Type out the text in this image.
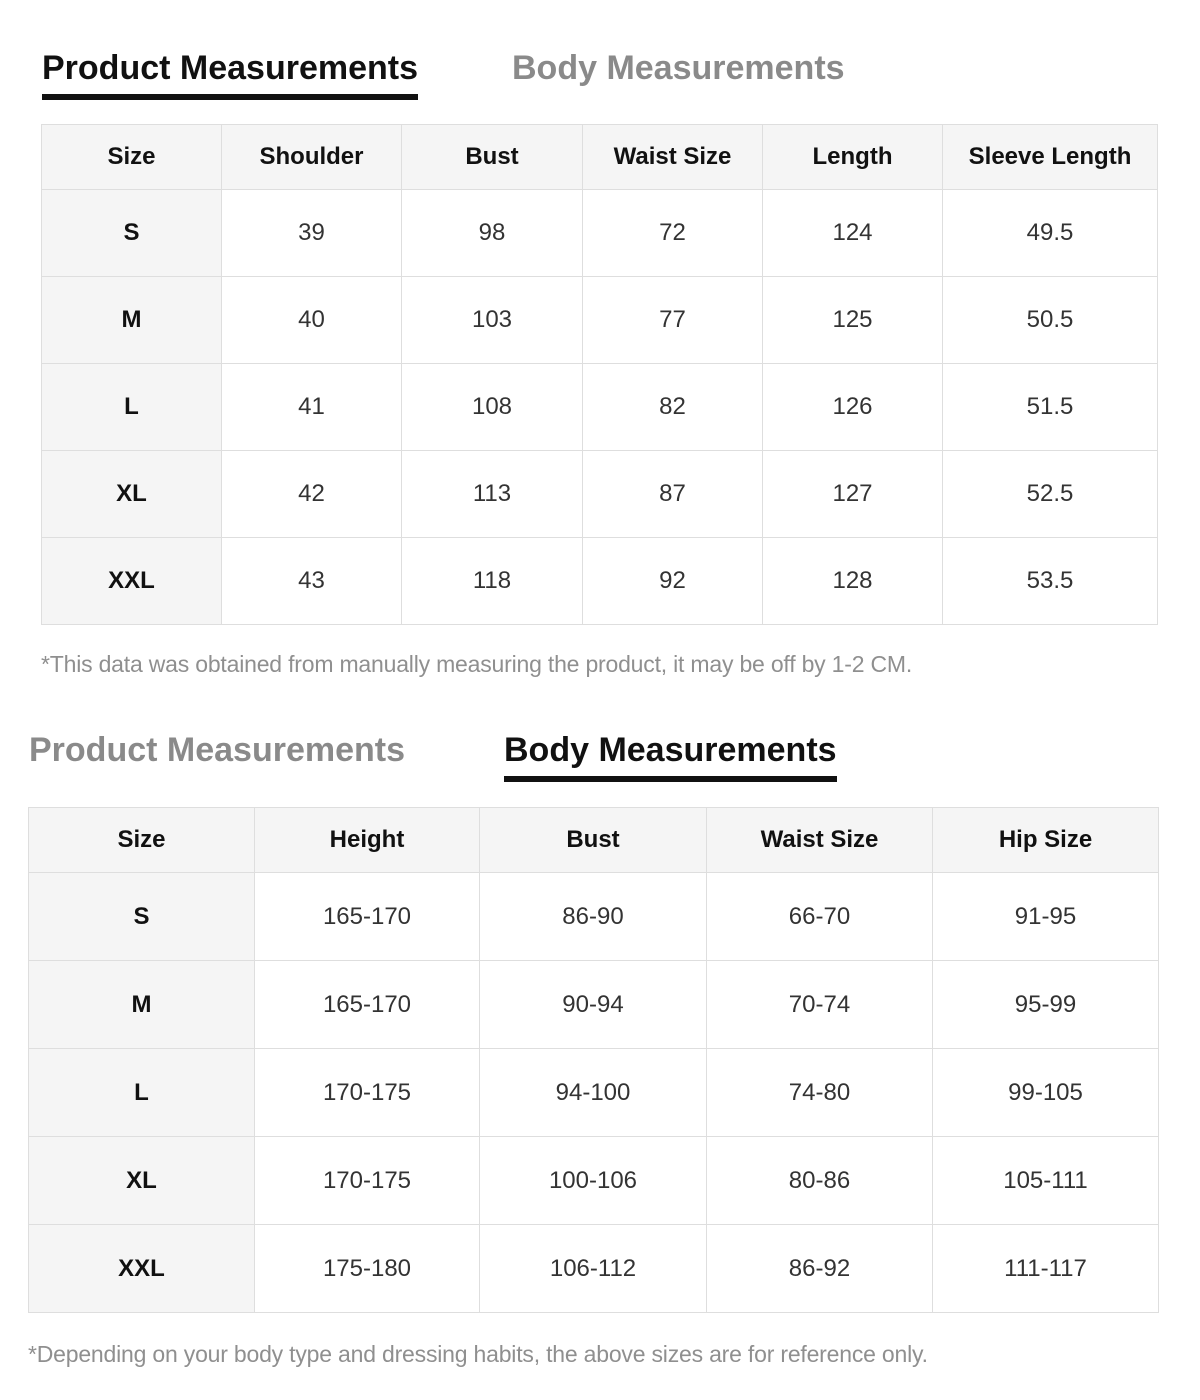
Product Measurements	Body Measurements
Size	Shoulder	Bust	Waist Size	Length	Sleeve Length
S	39	98	72	124	49.5
M	40	103	77	125	50.5
L	41	108	82	126	51.5
XL	42	113	87	127	52.5
XXL	43	118	92	128	53.5
*This data was obtained from manually measuring the product, it may be off by 1-2 CM.
Product Measurements	Body Measurements
Size	Height	Bust	Waist Size	Hip Size
S	165-170	86-90	66-70	91-95
M	165-170	90-94	70-74	95-99
L	170-175	94-100	74-80	99-105
XL	170-175	100-106	80-86	105-111
XXL	175-180	106-112	86-92	111-117
*Depending on your body type and dressing habits, the above sizes are for reference only.
